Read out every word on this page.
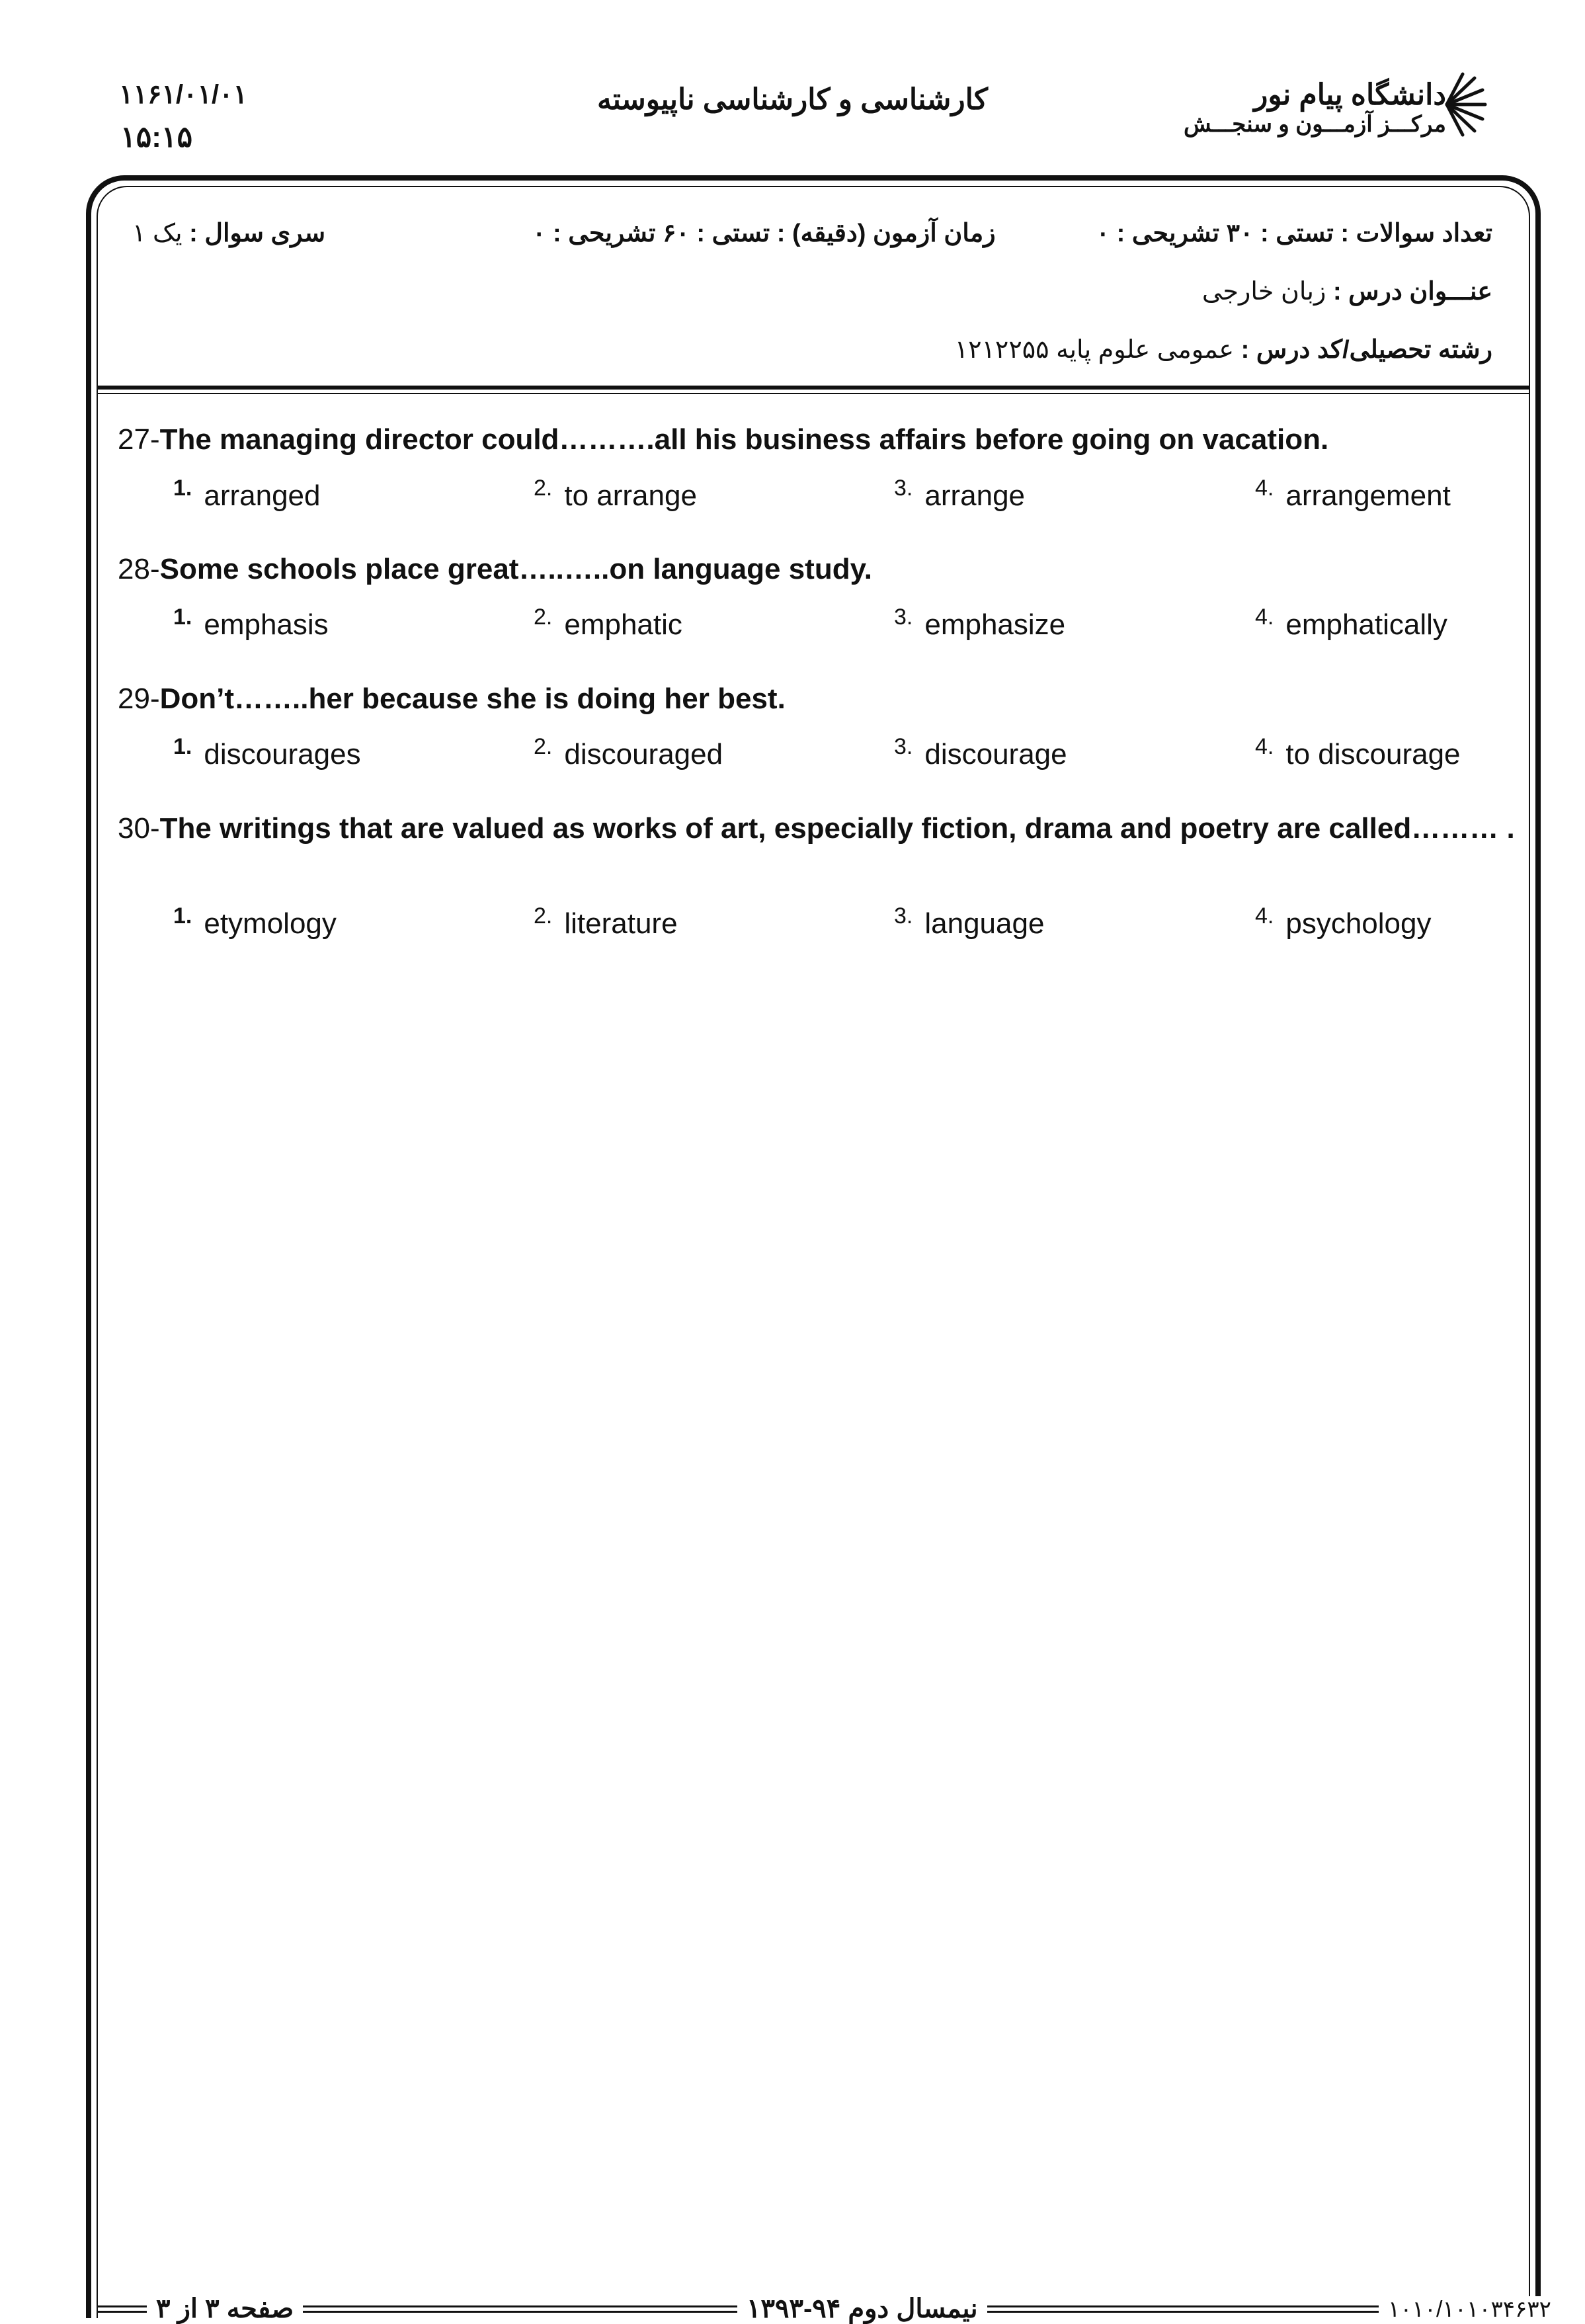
۱۱۶۱/۰۱/۰۱
۱۵:۱۵
کارشناسی و کارشناسی ناپیوسته	دانشگاه پیام نور
مرکـــز آزمـــون و سنجـــش
تعداد سوالات : تستی : ۳۰ تشریحی : ۰
زمان آزمون (دقیقه) : تستی : ۶۰ تشریحی : ۰
سری سوال : یک ۱
عنـــوان درس : زبان خارجی
رشته تحصیلی/کد درس : عمومی علوم پایه ۱۲۱۲۲۵۵
27-The managing director could……….all his business affairs before going on vacation.
$^{1.}$ arranged	$^{2.}$ to arrange	$^{3.}$ arrange	$^{4.}$ arrangement
28-Some schools place great…..…..on language study.
$^{1.}$ emphasis	$^{2.}$ emphatic	$^{3.}$ emphasize	$^{4.}$ emphatically
29-Don’t……..her because she is doing her best.
$^{1.}$ discourages	$^{2.}$ discouraged	$^{3.}$ discourage	$^{4.}$ to discourage
30-The writings that are valued as works of art, especially fiction, drama and poetry are called……… .
$^{1.}$ etymology	$^{2.}$ literature	$^{3.}$ language	$^{4.}$ psychology
صفحه ۳ از ۳	نیمسال دوم ۹۴-۱۳۹۳	۱۰۱۰/۱۰۱۰۳۴۶۳۲
